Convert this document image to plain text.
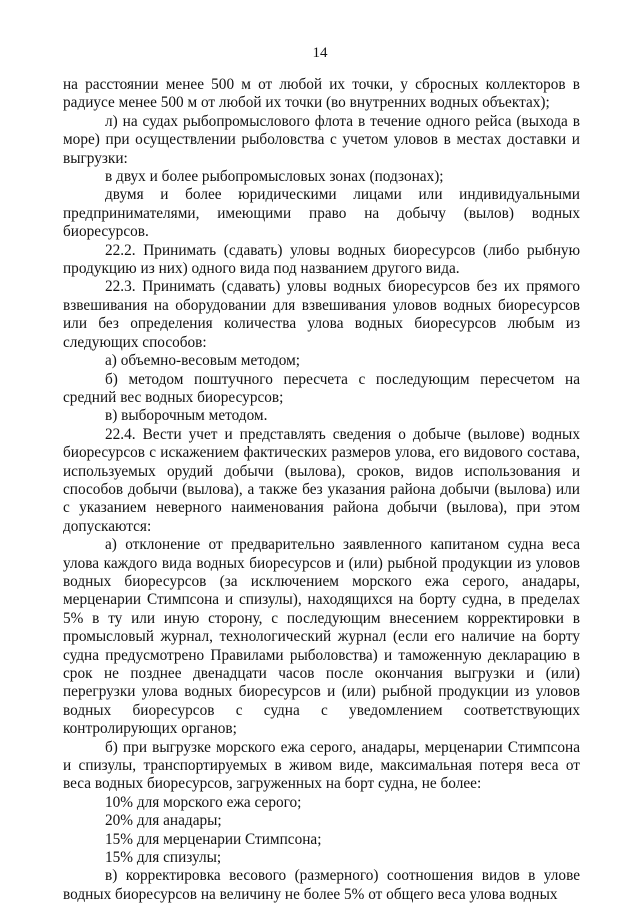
14

на расстоянии менее 500 м от любой их точки, у сбросных коллекторов в радиусе менее 500 м от любой их точки (во внутренних водных объектах);

л) на судах рыбопромыслового флота в течение одного рейса (выхода в море) при осуществлении рыболовства с учетом уловов в местах доставки и выгрузки:

в двух и более рыбопромысловых зонах (подзонах);

двумя и более юридическими лицами или индивидуальными предпринимателями, имеющими право на добычу (вылов) водных биоресурсов.

22.2. Принимать (сдавать) уловы водных биоресурсов (либо рыбную продукцию из них) одного вида под названием другого вида.

22.3. Принимать (сдавать) уловы водных биоресурсов без их прямого взвешивания на оборудовании для взвешивания уловов водных биоресурсов или без определения количества улова водных биоресурсов любым из следующих способов:

а) объемно-весовым методом;

б) методом поштучного пересчета с последующим пересчетом на средний вес водных биоресурсов;

в) выборочным методом.

22.4. Вести учет и представлять сведения о добыче (вылове) водных биоресурсов с искажением фактических размеров улова, его видового состава, используемых орудий добычи (вылова), сроков, видов использования и способов добычи (вылова), а также без указания района добычи (вылова) или с указанием неверного наименования района добычи (вылова), при этом допускаются:

а) отклонение от предварительно заявленного капитаном судна веса улова каждого вида водных биоресурсов и (или) рыбной продукции из уловов водных биоресурсов (за исключением морского ежа серого, анадары, мерценарии Стимпсона и спизулы), находящихся на борту судна, в пределах 5% в ту или иную сторону, с последующим внесением корректировки в промысловый журнал, технологический журнал (если его наличие на борту судна предусмотрено Правилами рыболовства) и таможенную декларацию в срок не позднее двенадцати часов после окончания выгрузки и (или) перегрузки улова водных биоресурсов и (или) рыбной продукции из уловов водных биоресурсов с судна с уведомлением соответствующих контролирующих органов;

б) при выгрузке морского ежа серого, анадары, мерценарии Стимпсона и спизулы, транспортируемых в живом виде, максимальная потеря веса от веса водных биоресурсов, загруженных на борт судна, не более:

10% для морского ежа серого;

20% для анадары;

15% для мерценарии Стимпсона;

15% для спизулы;

в) корректировка весового (размерного) соотношения видов в улове водных биоресурсов на величину не более 5% от общего веса улова водных
